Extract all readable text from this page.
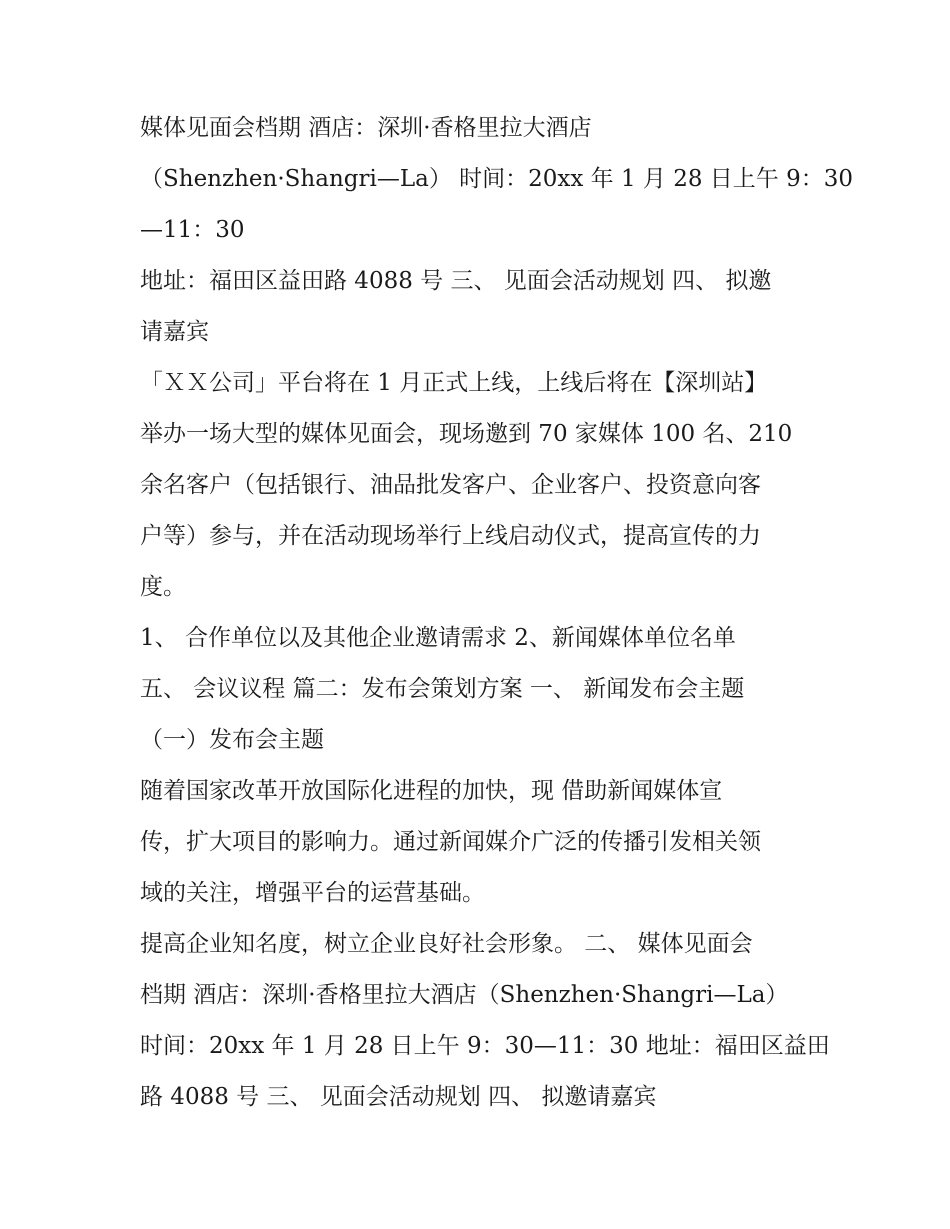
媒体见面会档期 酒店：深圳·香格里拉大酒店
（Shenzhen·Shangri—La） 时间：20xx 年 1 月 28 日上午 9：30
—11：30
地址：福田区益田路 4088 号 三、 见面会活动规划 四、 拟邀
请嘉宾
「ＸＸ公司」平台将在 1 月正式上线，上线后将在【深圳站】
举办一场大型的媒体见面会，现场邀到 70 家媒体 100 名、210
余名客户（包括银行、油品批发客户、企业客户、投资意向客
户等）参与，并在活动现场举行上线启动仪式，提高宣传的力
度。
1、 合作单位以及其他企业邀请需求 2、新闻媒体单位名单
五、 会议议程 篇二：发布会策划方案 一、 新闻发布会主题
（一）发布会主题
随着国家改革开放国际化进程的加快，现 借助新闻媒体宣
传，扩大项目的影响力。通过新闻媒介广泛的传播引发相关领
域的关注，增强平台的运营基础。
提高企业知名度，树立企业良好社会形象。 二、 媒体见面会
档期 酒店：深圳·香格里拉大酒店（Shenzhen·Shangri—La）
时间：20xx 年 1 月 28 日上午 9：30—11：30 地址：福田区益田
路 4088 号 三、 见面会活动规划 四、 拟邀请嘉宾
